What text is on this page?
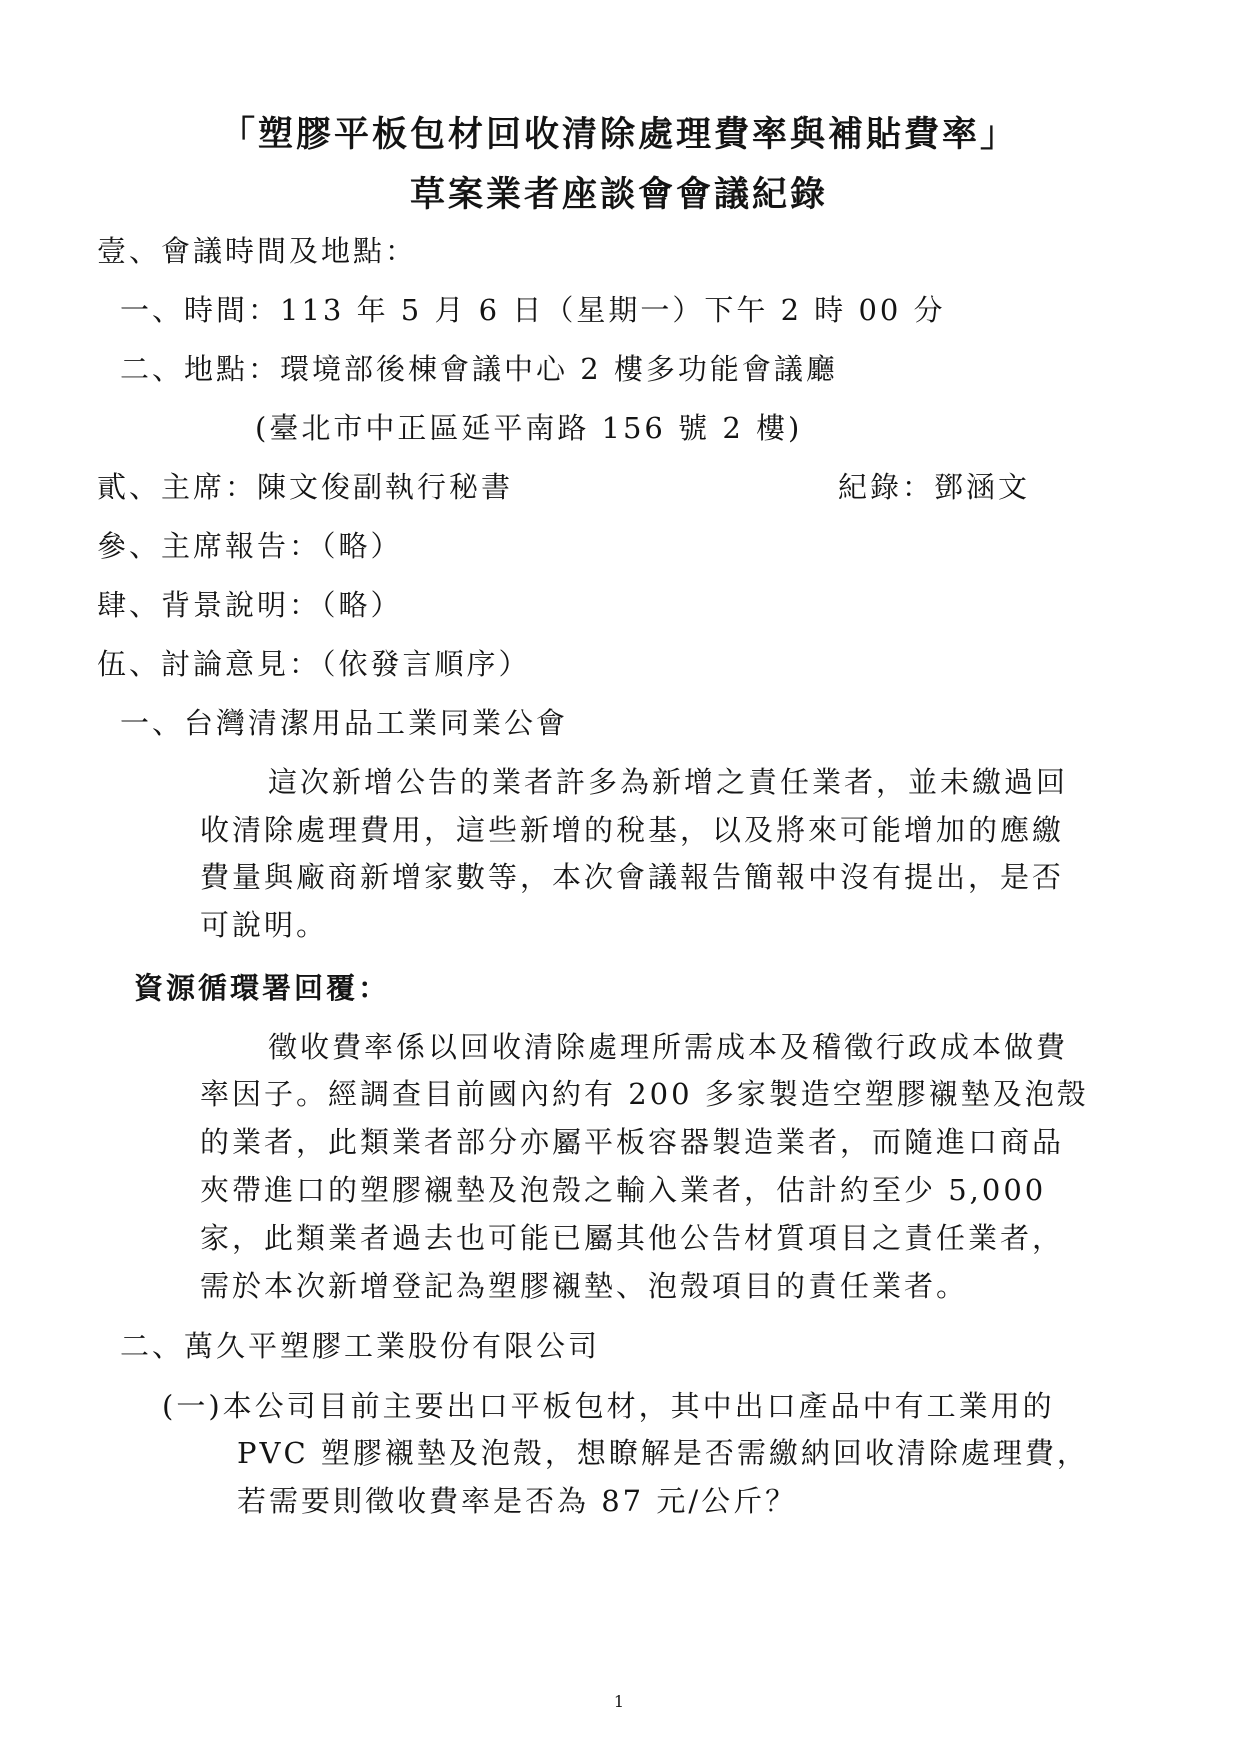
「塑膠平板包材回收清除處理費率與補貼費率」
草案業者座談會會議紀錄
壹、會議時間及地點：
一、時間：113 年 5 月 6 日（星期一）下午 2 時 00 分
二、地點：環境部後棟會議中心 2 樓多功能會議廳
(臺北市中正區延平南路 156 號 2 樓)
貳、主席：陳文俊副執行秘書	紀錄：鄧涵文
參、主席報告：（略）
肆、背景說明：（略）
伍、討論意見：（依發言順序）
一、台灣清潔用品工業同業公會
這次新增公告的業者許多為新增之責任業者，並未繳過回
收清除處理費用，這些新增的稅基，以及將來可能增加的應繳
費量與廠商新增家數等，本次會議報告簡報中沒有提出，是否
可說明。
資源循環署回覆：
徵收費率係以回收清除處理所需成本及稽徵行政成本做費
率因子。經調查目前國內約有 200 多家製造空塑膠襯墊及泡殼
的業者，此類業者部分亦屬平板容器製造業者，而隨進口商品
夾帶進口的塑膠襯墊及泡殼之輸入業者，估計約至少 5,000
家，此類業者過去也可能已屬其他公告材質項目之責任業者，
需於本次新增登記為塑膠襯墊、泡殼項目的責任業者。
二、萬久平塑膠工業股份有限公司
(一)本公司目前主要出口平板包材，其中出口產品中有工業用的
PVC 塑膠襯墊及泡殼，想瞭解是否需繳納回收清除處理費，
若需要則徵收費率是否為 87 元/公斤？
1
